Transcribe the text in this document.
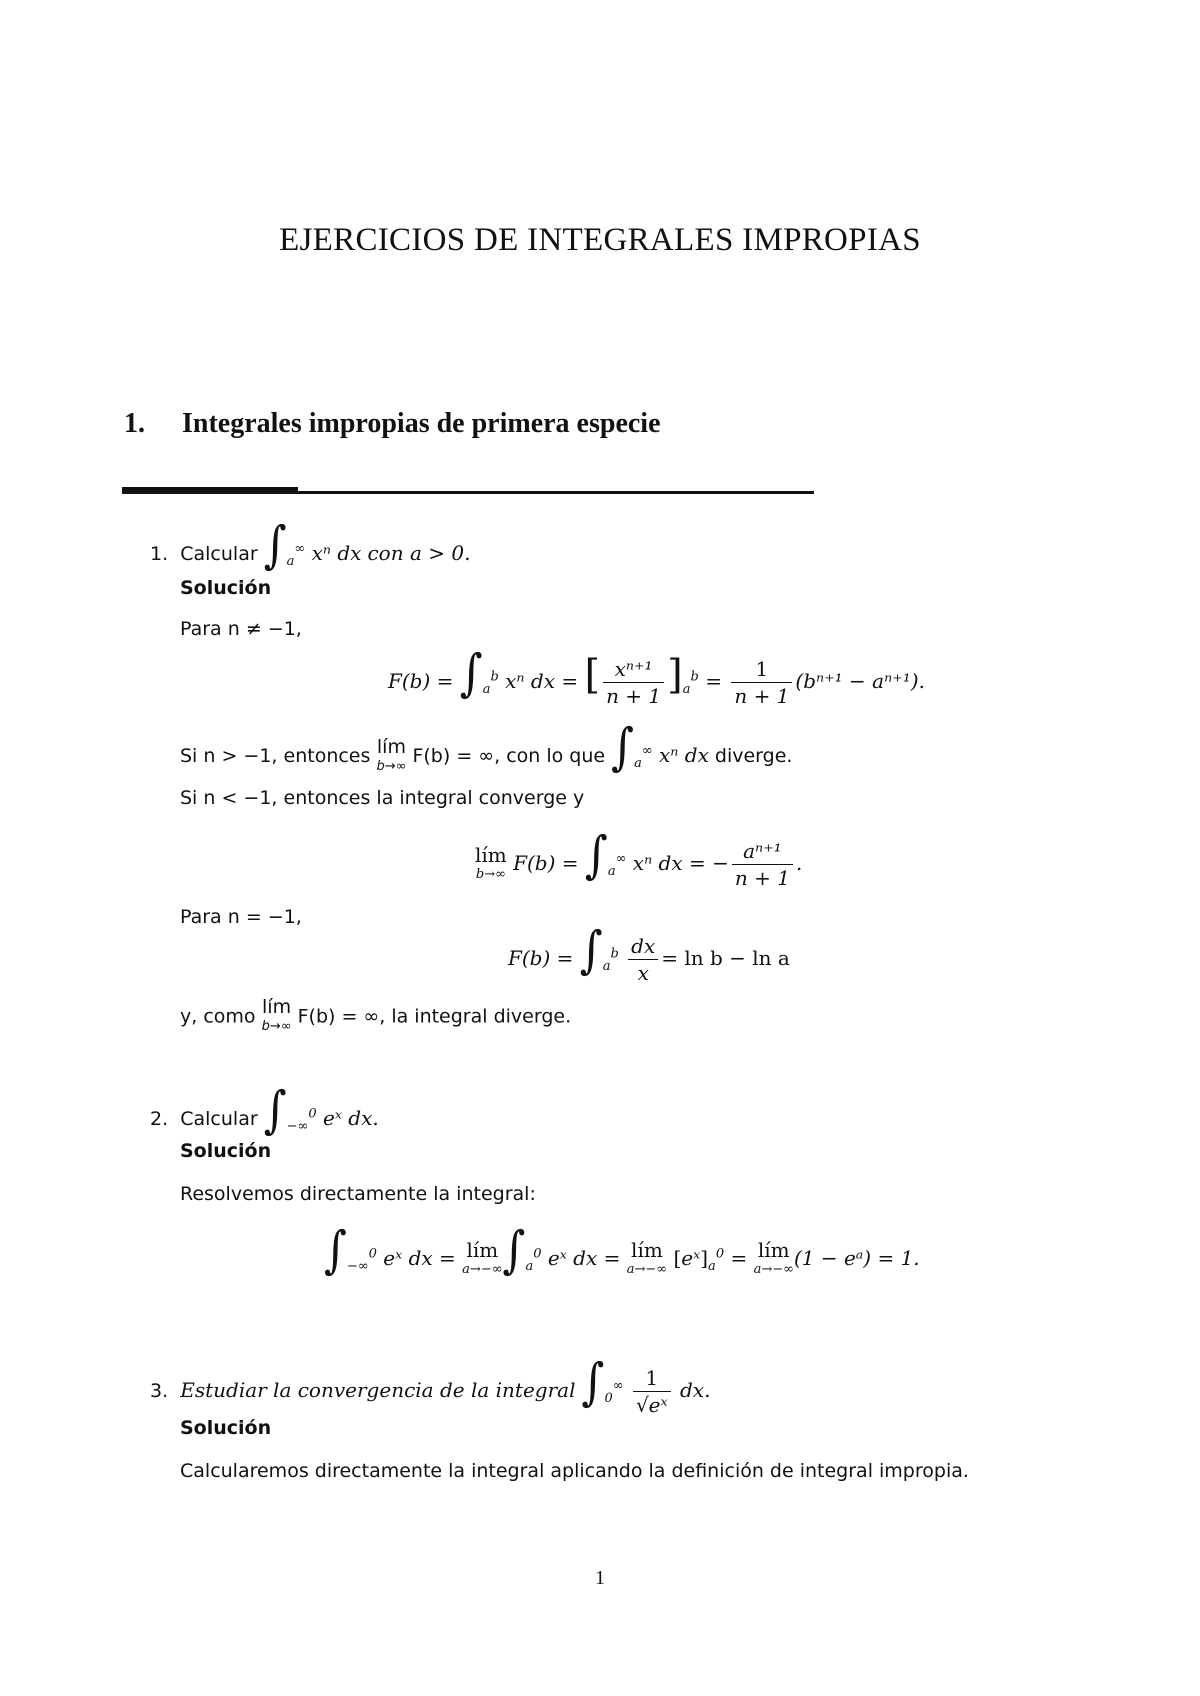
EJERCICIOS DE INTEGRALES IMPROPIAS
1. Integrales impropias de primera especie
1. Calcular $\int_a^\infty$ xⁿ dx con a > 0.
Solución
Para n ≠ −1,
$F(b) = \int_a^b$ xⁿ dx = [ $\frac{\text{xⁿ⁺¹}}{n + 1} ]_a^b = \frac{1}{n + 1} (b^{n+1} - a^{n+1})$.
Si n > −1, entonces lím
b→∞ F(b) = ∞, con lo que $\int_a^\infty$ xⁿ dx diverge.
Si n < −1, entonces la integral converge y
lím
b→∞ $F(b) = \int_a^\infty$ xⁿ dx = − $\frac{\text{aⁿ⁺¹}}{n + 1}$ .
Para n = −1,
$F(b) = \int_a^b \frac{dx}{x} = \ln b - \ln a$
y, como lím
b→∞ F(b) = ∞, la integral diverge.
2. Calcular $\int_{-\infty}^0$ eˣ dx.
Solución
Resolvemos directamente la integral:
$\int_{-\infty}^0$ eˣ dx = lím
a→−∞ $\int_a^0$ eˣ dx = lím
a→−∞ $[eˣ]_a^0$ = lím
a→−∞ (1 − eᵃ) = 1.
3. Estudiar la convergencia de la integral $\int_0^\infty \frac{1}{\text{√eˣ}}$ dx.
Solución
Calcularemos directamente la integral aplicando la definición de integral impropia.
1
